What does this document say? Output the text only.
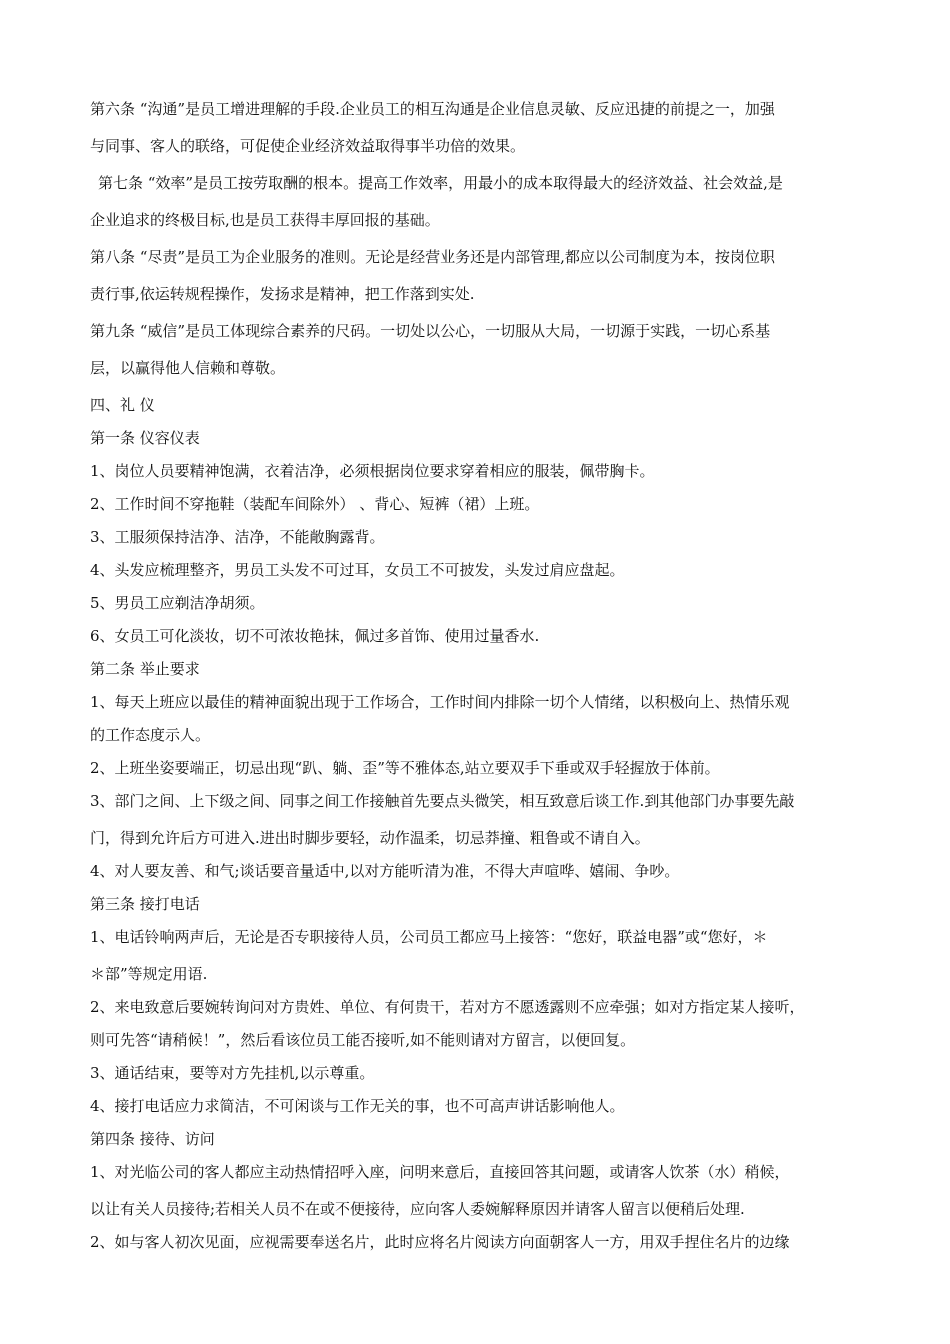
第六条 “沟通”是员工增进理解的手段.企业员工的相互沟通是企业信息灵敏、反应迅捷的前提之一，加强

与同事、客人的联络，可促使企业经济效益取得事半功倍的效果。

第七条 “效率”是员工按劳取酬的根本。提高工作效率，用最小的成本取得最大的经济效益、社会效益,是

企业追求的终极目标,也是员工获得丰厚回报的基础。

第八条 “尽责”是员工为企业服务的准则。无论是经营业务还是内部管理,都应以公司制度为本，按岗位职

责行事,依运转规程操作，发扬求是精神，把工作落到实处.

第九条 “威信”是员工体现综合素养的尺码。一切处以公心，一切服从大局，一切源于实践，一切心系基

层，以赢得他人信赖和尊敬。

四、礼 仪

第一条 仪容仪表

1、岗位人员要精神饱满，衣着洁净，必须根据岗位要求穿着相应的服装，佩带胸卡。

2、工作时间不穿拖鞋（装配车间除外） 、背心、短裤（裙）上班。

3、工服须保持洁净、洁净，不能敞胸露背。

4、头发应梳理整齐，男员工头发不可过耳，女员工不可披发，头发过肩应盘起。

5、男员工应剃洁净胡须。

6、女员工可化淡妆，切不可浓妆艳抹，佩过多首饰、使用过量香水.

第二条 举止要求

1、每天上班应以最佳的精神面貌出现于工作场合，工作时间内排除一切个人情绪，以积极向上、热情乐观

的工作态度示人。

2、上班坐姿要端正，切忌出现“趴、躺、歪”等不雅体态,站立要双手下垂或双手轻握放于体前。

3、部门之间、上下级之间、同事之间工作接触首先要点头微笑，相互致意后谈工作.到其他部门办事要先敲

门，得到允许后方可进入.进出时脚步要轻，动作温柔，切忌莽撞、粗鲁或不请自入。

4、对人要友善、和气;谈话要音量适中,以对方能听清为准，不得大声喧哗、嬉闹、争吵。

第三条 接打电话

1、电话铃响两声后，无论是否专职接待人员，公司员工都应马上接答：“您好，联益电器”或“您好，＊

＊部”等规定用语.

2、来电致意后要婉转询问对方贵姓、单位、有何贵干，若对方不愿透露则不应牵强；如对方指定某人接听，

则可先答“请稍候！”，然后看该位员工能否接听,如不能则请对方留言，以便回复。

3、通话结束，要等对方先挂机,以示尊重。

4、接打电话应力求简洁，不可闲谈与工作无关的事，也不可高声讲话影响他人。

第四条 接待、访问

1、对光临公司的客人都应主动热情招呼入座，问明来意后，直接回答其问题，或请客人饮茶（水）稍候，

以让有关人员接待;若相关人员不在或不便接待，应向客人委婉解释原因并请客人留言以便稍后处理.

2、如与客人初次见面，应视需要奉送名片，此时应将名片阅读方向面朝客人一方，用双手捏住名片的边缘
